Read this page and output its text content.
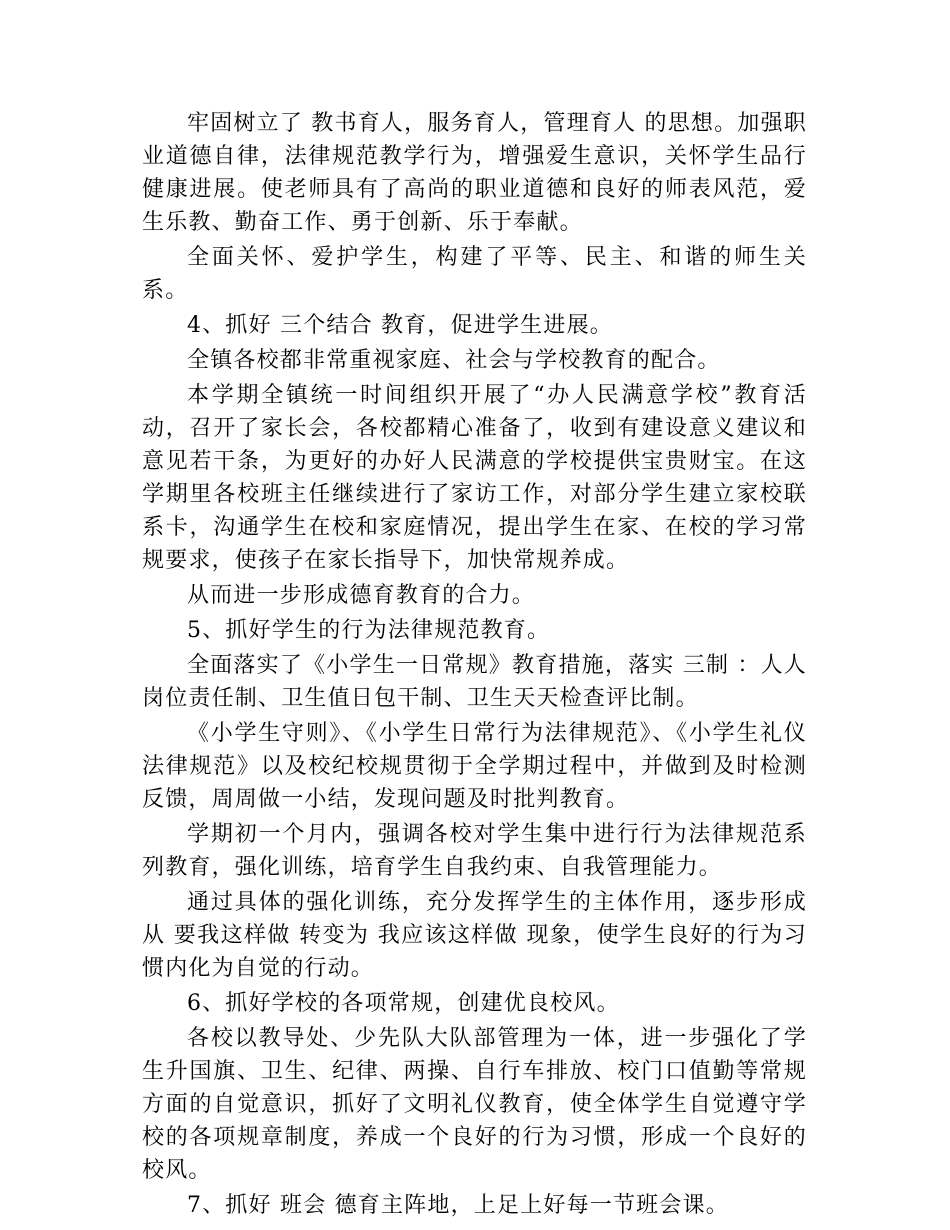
牢固树立了 教书育人，服务育人，管理育人 的思想。加强职业道德自律，法律规范教学行为，增强爱生意识，关怀学生品行健康进展。使老师具有了高尚的职业道德和良好的师表风范，爱生乐教、勤奋工作、勇于创新、乐于奉献。

全面关怀、爱护学生，构建了平等、民主、和谐的师生关系。

4、抓好 三个结合 教育，促进学生进展。

全镇各校都非常重视家庭、社会与学校教育的配合。

本学期全镇统一时间组织开展了“办人民满意学校”教育活动，召开了家长会，各校都精心准备了，收到有建设意义建议和意见若干条，为更好的办好人民满意的学校提供宝贵财宝。在这学期里各校班主任继续进行了家访工作，对部分学生建立家校联系卡，沟通学生在校和家庭情况，提出学生在家、在校的学习常规要求，使孩子在家长指导下，加快常规养成。

从而进一步形成德育教育的合力。

5、抓好学生的行为法律规范教育。

全面落实了《小学生一日常规》教育措施，落实 三制 ：人人岗位责任制、卫生值日包干制、卫生天天检查评比制。

《小学生守则》、《小学生日常行为法律规范》、《小学生礼仪法律规范》以及校纪校规贯彻于全学期过程中，并做到及时检测反馈，周周做一小结，发现问题及时批判教育。

学期初一个月内，强调各校对学生集中进行行为法律规范系列教育，强化训练，培育学生自我约束、自我管理能力。

通过具体的强化训练，充分发挥学生的主体作用，逐步形成从 要我这样做 转变为 我应该这样做 现象，使学生良好的行为习惯内化为自觉的行动。

6、抓好学校的各项常规，创建优良校风。

各校以教导处、少先队大队部管理为一体，进一步强化了学生升国旗、卫生、纪律、两操、自行车排放、校门口值勤等常规方面的自觉意识，抓好了文明礼仪教育，使全体学生自觉遵守学校的各项规章制度，养成一个良好的行为习惯，形成一个良好的校风。

7、抓好 班会 德育主阵地，上足上好每一节班会课。
